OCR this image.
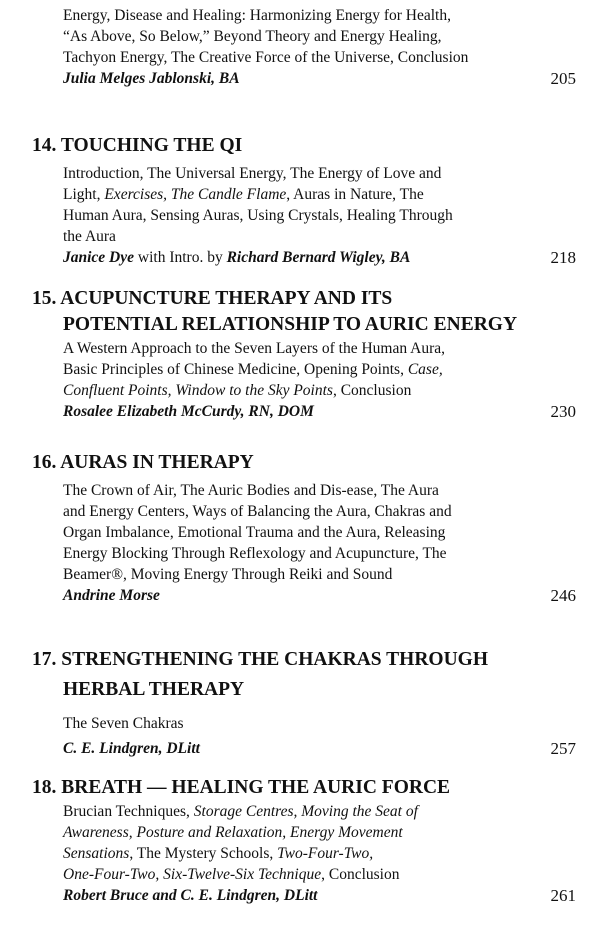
Energy, Disease and Healing: Harmonizing Energy for Health,
“As Above, So Below,” Beyond Theory and Energy Healing,
Tachyon Energy, The Creative Force of the Universe, Conclusion
Julia Melges Jablonski, BA	205
14. TOUCHING THE QI
Introduction, The Universal Energy, The Energy of Love and
Light, Exercises, The Candle Flame, Auras in Nature, The
Human Aura, Sensing Auras, Using Crystals, Healing Through
the Aura
Janice Dye with Intro. by Richard Bernard Wigley, BA	218
15. ACUPUNCTURE THERAPY AND ITS
POTENTIAL RELATIONSHIP TO AURIC ENERGY
A Western Approach to the Seven Layers of the Human Aura,
Basic Principles of Chinese Medicine, Opening Points, Case,
Confluent Points, Window to the Sky Points, Conclusion
Rosalee Elizabeth McCurdy, RN, DOM	230
16. AURAS IN THERAPY
The Crown of Air, The Auric Bodies and Dis-ease, The Aura
and Energy Centers, Ways of Balancing the Aura, Chakras and
Organ Imbalance, Emotional Trauma and the Aura, Releasing
Energy Blocking Through Reflexology and Acupuncture, The
Beamer®, Moving Energy Through Reiki and Sound
Andrine Morse	246
17. STRENGTHENING THE CHAKRAS THROUGH
HERBAL THERAPY
The Seven Chakras
C. E. Lindgren, DLitt	257
18. BREATH — HEALING THE AURIC FORCE
Brucian Techniques, Storage Centres, Moving the Seat of
Awareness, Posture and Relaxation, Energy Movement
Sensations, The Mystery Schools, Two-Four-Two,
One-Four-Two, Six-Twelve-Six Technique, Conclusion
Robert Bruce and C. E. Lindgren, DLitt	261
